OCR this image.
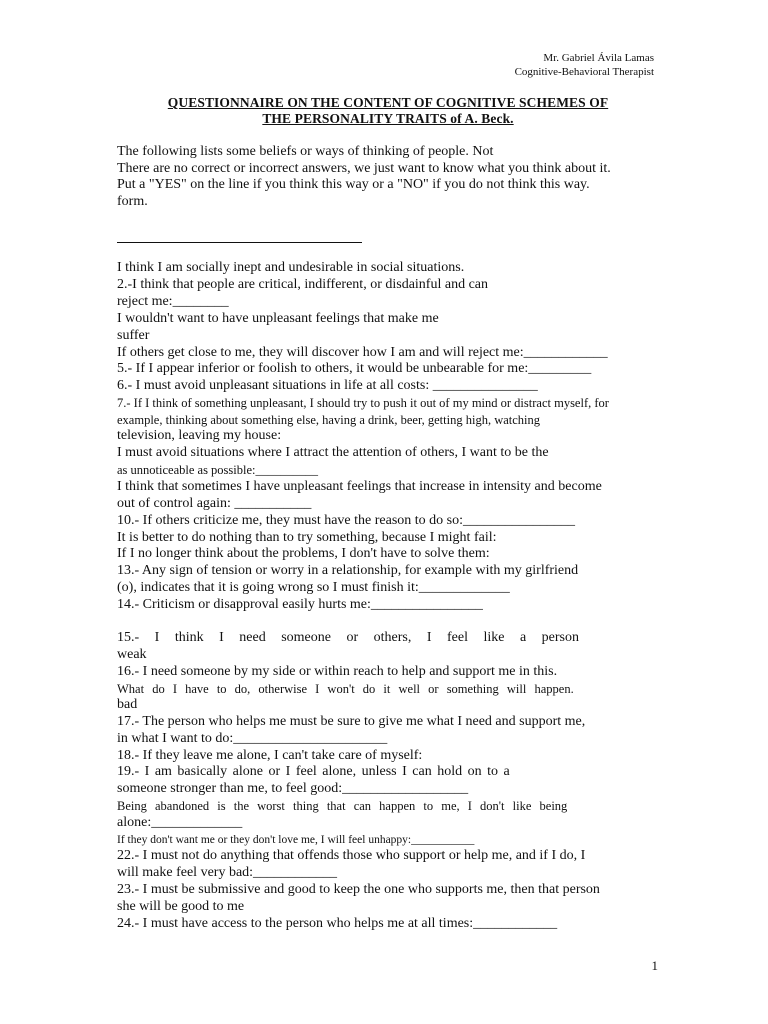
Mr. Gabriel Ávila Lamas
Cognitive-Behavioral Therapist
QUESTIONNAIRE ON THE CONTENT OF COGNITIVE SCHEMES OF
THE PERSONALITY TRAITS of A. Beck.
The following lists some beliefs or ways of thinking of people. Not
There are no correct or incorrect answers, we just want to know what you think about it.
Put a "YES" on the line if you think this way or a "NO" if you do not think this way.
form.
I think I am socially inept and undesirable in social situations.
2.-I think that people are critical, indifferent, or disdainful and can
reject me:________
I wouldn't want to have unpleasant feelings that make me
suffer
If others get close to me, they will discover how I am and will reject me:____________
5.- If I appear inferior or foolish to others, it would be unbearable for me:_________
6.- I must avoid unpleasant situations in life at all costs: _______________
7.- If I think of something unpleasant, I should try to push it out of my mind or distract myself, for
example, thinking about something else, having a drink, beer, getting high, watching
television, leaving my house:
I must avoid situations where I attract the attention of others, I want to be the
as unnoticeable as possible:__________
I think that sometimes I have unpleasant feelings that increase in intensity and become
out of control again: ___________
10.- If others criticize me, they must have the reason to do so:________________
It is better to do nothing than to try something, because I might fail:
If I no longer think about the problems, I don't have to solve them:
13.- Any sign of tension or worry in a relationship, for example with my girlfriend
(o), indicates that it is going wrong so I must finish it:_____________
14.- Criticism or disapproval easily hurts me:________________
15.- I think I need someone or others, I feel like a person
weak
16.- I need someone by my side or within reach to help and support me in this.
What do I have to do, otherwise I won't do it well or something will happen.
bad
17.- The person who helps me must be sure to give me what I need and support me,
in what I want to do:______________________
18.- If they leave me alone, I can't take care of myself:
19.- I am basically alone or I feel alone, unless I can hold on to a
someone stronger than me, to feel good:__________________
Being abandoned is the worst thing that can happen to me, I don't like being
alone:_____________
If they don't want me or they don't love me, I will feel unhappy:___________
22.- I must not do anything that offends those who support or help me, and if I do, I
will make feel very bad:____________
23.- I must be submissive and good to keep the one who supports me, then that person
she will be good to me
24.- I must have access to the person who helps me at all times:____________
1
